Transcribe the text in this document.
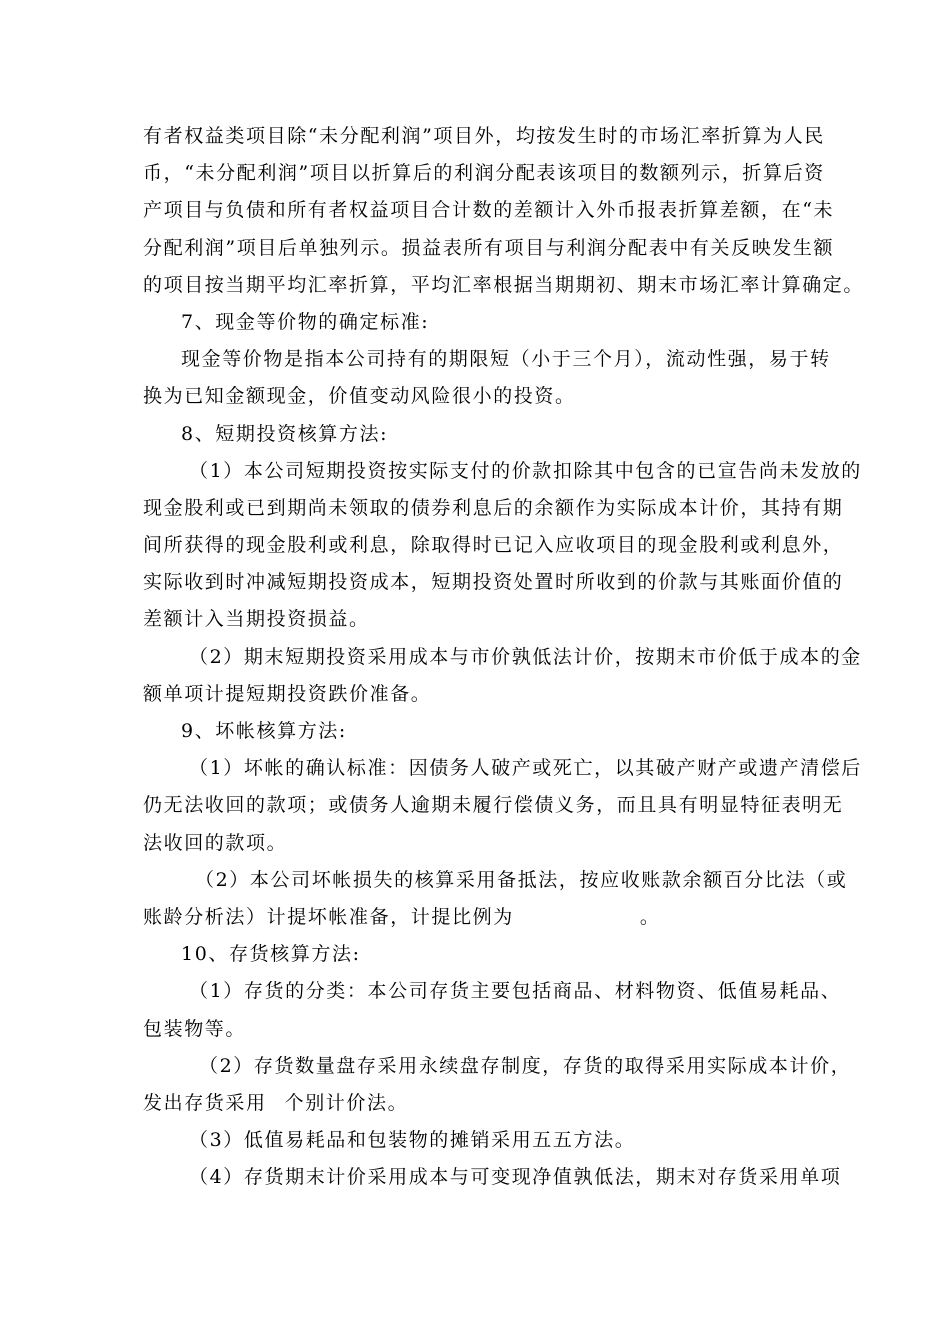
有者权益类项目除“未分配利润”项目外，均按发生时的市场汇率折算为人民
币，“未分配利润”项目以折算后的利润分配表该项目的数额列示，折算后资
产项目与负债和所有者权益项目合计数的差额计入外币报表折算差额，在“未
分配利润”项目后单独列示。损益表所有项目与利润分配表中有关反映发生额
的项目按当期平均汇率折算，平均汇率根据当期期初、期末市场汇率计算确定。
7、现金等价物的确定标准:
现金等价物是指本公司持有的期限短（小于三个月），流动性强，易于转
换为已知金额现金，价值变动风险很小的投资。
8、短期投资核算方法:
（1）本公司短期投资按实际支付的价款扣除其中包含的已宣告尚未发放的
现金股利或已到期尚未领取的债券利息后的余额作为实际成本计价，其持有期
间所获得的现金股利或利息，除取得时已记入应收项目的现金股利或利息外，
实际收到时冲减短期投资成本，短期投资处置时所收到的价款与其账面价值的
差额计入当期投资损益。
（2）期末短期投资采用成本与市价孰低法计价，按期末市价低于成本的金
额单项计提短期投资跌价准备。
9、坏帐核算方法:
（1）坏帐的确认标准：因债务人破产或死亡，以其破产财产或遗产清偿后
仍无法收回的款项；或债务人逾期未履行偿债义务，而且具有明显特征表明无
法收回的款项。
（2）本公司坏帐损失的核算采用备抵法，按应收账款余额百分比法（或
账龄分析法）计提坏帐准备，计提比例为	。
10、存货核算方法:
（1）存货的分类：本公司存货主要包括商品、材料物资、低值易耗品、
包装物等。
（2）存货数量盘存采用永续盘存制度，存货的取得采用实际成本计价，
发出存货采用 个别计价法。
（3）低值易耗品和包装物的摊销采用五五方法。
（4）存货期末计价采用成本与可变现净值孰低法，期末对存货采用单项
